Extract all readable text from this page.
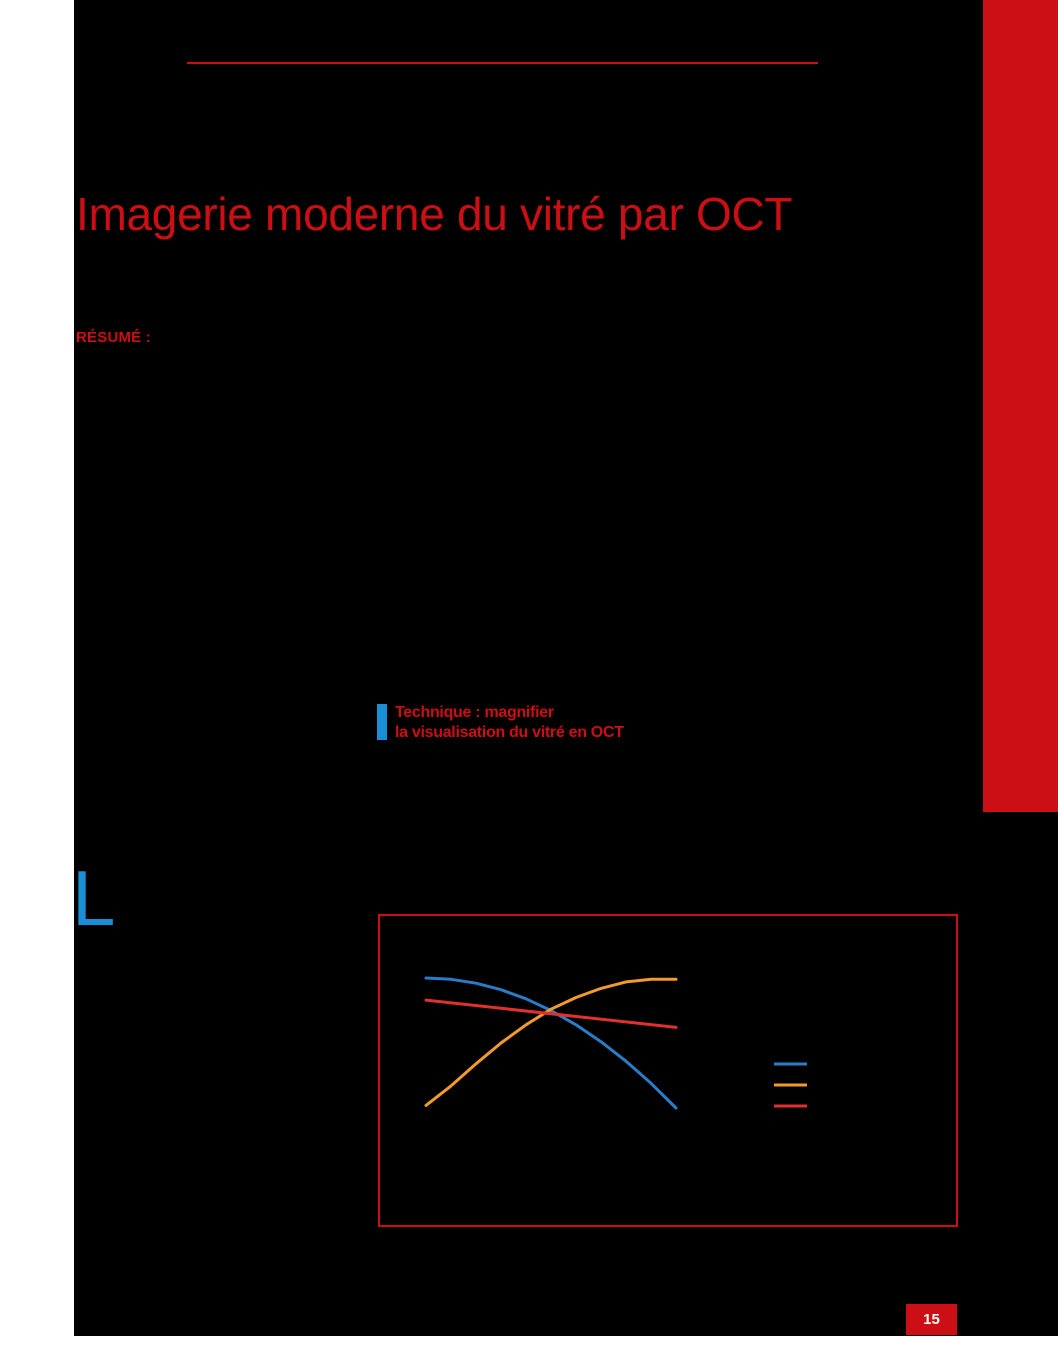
Imagerie moderne du vitré par OCT
RÉSUMÉ :
Technique : magnifier
la visualisation du vitré en OCT
L
15
